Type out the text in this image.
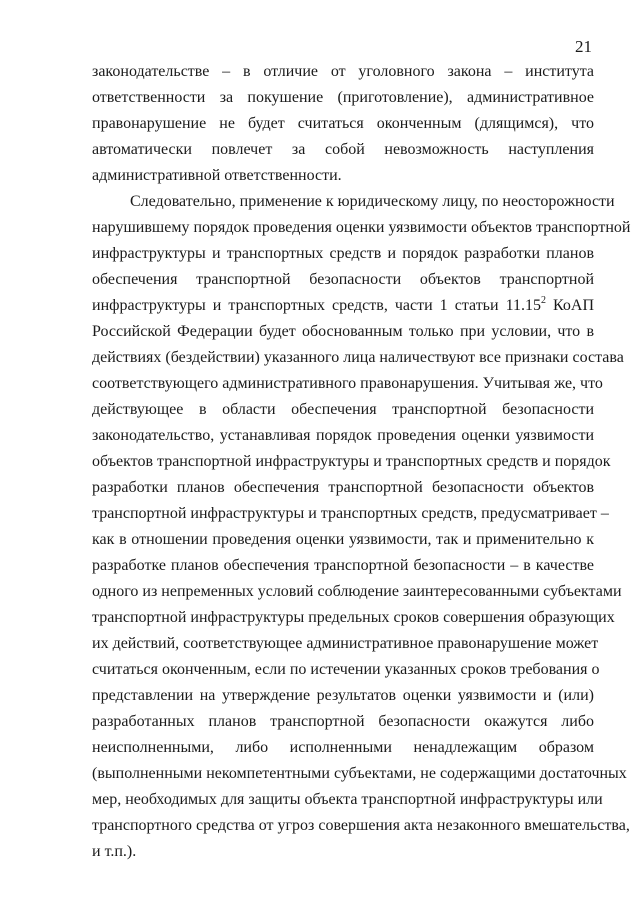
21
законодательстве – в отличие от уголовного закона – института
ответственности за покушение (приготовление), административное
правонарушение не будет считаться оконченным (длящимся), что
автоматически повлечет за собой невозможность наступления
административной ответственности.
Следовательно, применение к юридическому лицу, по неосторожности
нарушившему порядок проведения оценки уязвимости объектов транспортной
инфраструктуры и транспортных средств и порядок разработки планов
обеспечения транспортной безопасности объектов транспортной
инфраструктуры и транспортных средств, части 1 статьи 11.15$^2$ КоАП
Российской Федерации будет обоснованным только при условии, что в
действиях (бездействии) указанного лица наличествуют все признаки состава
соответствующего административного правонарушения. Учитывая же, что
действующее в области обеспечения транспортной безопасности
законодательство, устанавливая порядок проведения оценки уязвимости
объектов транспортной инфраструктуры и транспортных средств и порядок
разработки планов обеспечения транспортной безопасности объектов
транспортной инфраструктуры и транспортных средств, предусматривает –
как в отношении проведения оценки уязвимости, так и применительно к
разработке планов обеспечения транспортной безопасности – в качестве
одного из непременных условий соблюдение заинтересованными субъектами
транспортной инфраструктуры предельных сроков совершения образующих
их действий, соответствующее административное правонарушение может
считаться оконченным, если по истечении указанных сроков требования о
представлении на утверждение результатов оценки уязвимости и (или)
разработанных планов транспортной безопасности окажутся либо
неисполненными, либо исполненными ненадлежащим образом
(выполненными некомпетентными субъектами, не содержащими достаточных
мер, необходимых для защиты объекта транспортной инфраструктуры или
транспортного средства от угроз совершения акта незаконного вмешательства,
и т.п.).
